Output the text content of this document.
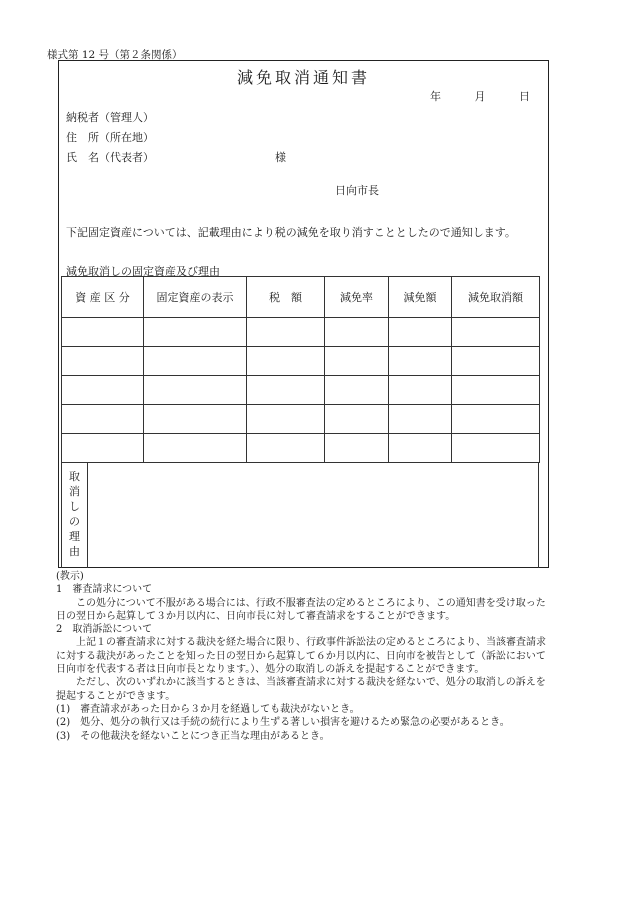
様式第 12 号（第２条関係）
減免取消通知書
年	月	日
納税者（管理人）
住　所（所在地）
氏　名（代表者）	様
日向市長
下記固定資産については、記載理由により税の減免を取り消すこととしたので通知します。
減免取消しの固定資産及び理由
資 産 区 分	固定資産の表示	税　額	減免率	減免額	減免取消額

取
消
し
の
理
由

(教示)

1　審査請求について

この処分について不服がある場合には、行政不服審査法の定めるところにより、この通知書を受け取った日の翌日から起算して３か月以内に、日向市長に対して審査請求をすることができます。

2　取消訴訟について

上記１の審査請求に対する裁決を経た場合に限り、行政事件訴訟法の定めるところにより、当該審査請求に対する裁決があったことを知った日の翌日から起算して６か月以内に、日向市を被告として（訴訟において日向市を代表する者は日向市長となります。）、処分の取消しの訴えを提起することができます。

ただし、次のいずれかに該当するときは、当該審査請求に対する裁決を経ないで、処分の取消しの訴えを提起することができます。

(1)　審査請求があった日から３か月を経過しても裁決がないとき。

(2)　処分、処分の執行又は手続の続行により生ずる著しい損害を避けるため緊急の必要があるとき。

(3)　その他裁決を経ないことにつき正当な理由があるとき。
